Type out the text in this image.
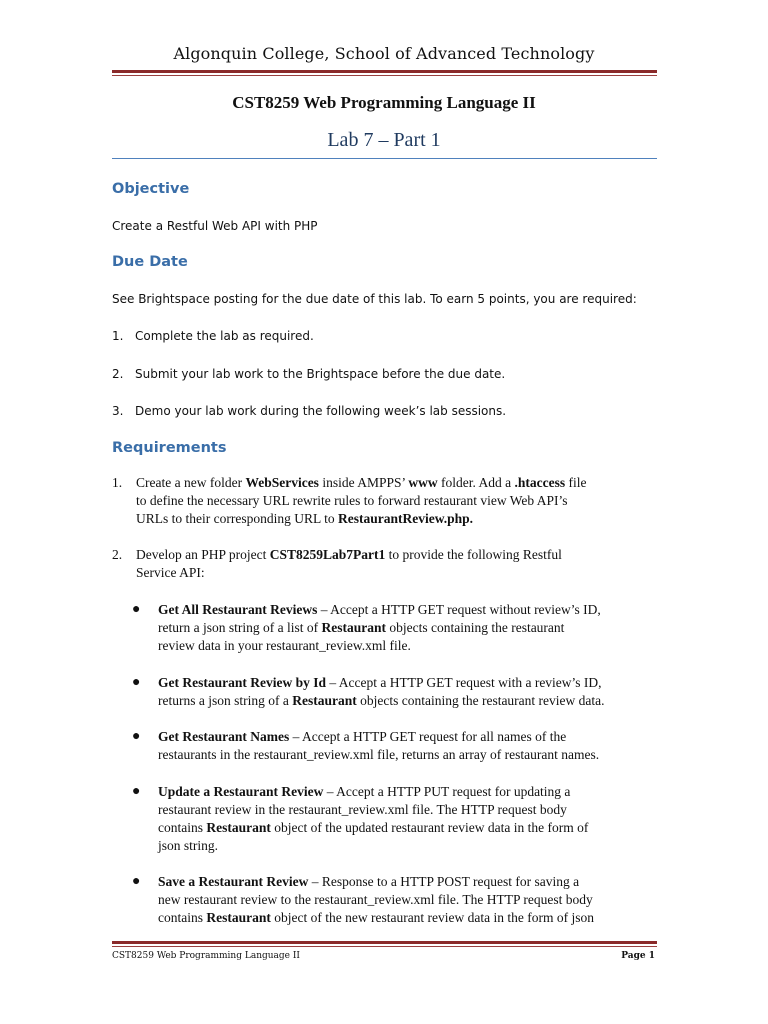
Algonquin College, School of Advanced Technology
CST8259 Web Programming Language II
Lab 7 – Part 1
Objective
Create a Restful Web API with PHP
Due Date
See Brightspace posting for the due date of this lab. To earn 5 points, you are required:
1. Complete the lab as required.
2. Submit your lab work to the Brightspace before the due date.
3. Demo your lab work during the following week’s lab sessions.
Requirements
1. Create a new folder WebServices inside AMPPS’ www folder. Add a .htaccess file
to define the necessary URL rewrite rules to forward restaurant view Web API’s
URLs to their corresponding URL to RestaurantReview.php.
2. Develop an PHP project CST8259Lab7Part1 to provide the following Restful
Service API:
● Get All Restaurant Reviews – Accept a HTTP GET request without review’s ID,
return a json string of a list of Restaurant objects containing the restaurant
review data in your restaurant_review.xml file.
● Get Restaurant Review by Id – Accept a HTTP GET request with a review’s ID,
returns a json string of a Restaurant objects containing the restaurant review data.
● Get Restaurant Names – Accept a HTTP GET request for all names of the
restaurants in the restaurant_review.xml file, returns an array of restaurant names.
● Update a Restaurant Review – Accept a HTTP PUT request for updating a
restaurant review in the restaurant_review.xml file. The HTTP request body
contains Restaurant object of the updated restaurant review data in the form of
json string.
● Save a Restaurant Review – Response to a HTTP POST request for saving a
new restaurant review to the restaurant_review.xml file. The HTTP request body
contains Restaurant object of the new restaurant review data in the form of json
CST8259 Web Programming Language II	Page 1
